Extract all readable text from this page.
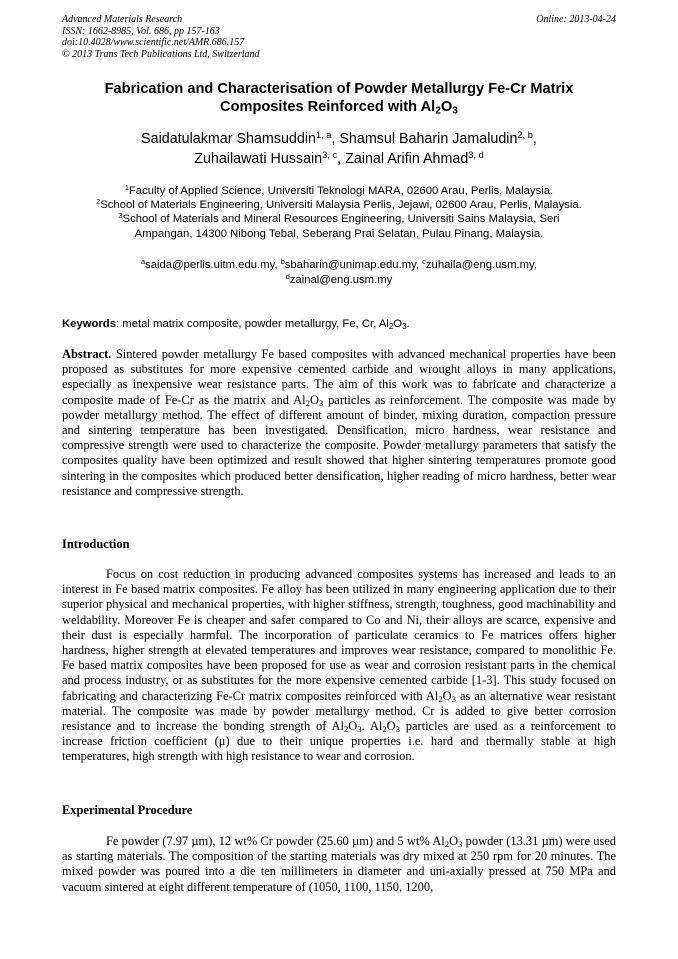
Advanced Materials Research
ISSN: 1662-8985, Vol. 686, pp 157-163
doi:10.4028/www.scientific.net/AMR.686.157
© 2013 Trans Tech Publications Ltd, Switzerland
Online: 2013-04-24
Fabrication and Characterisation of Powder Metallurgy Fe-Cr Matrix
Composites Reinforced with $Al_2O_3$
Saidatulakmar Shamsuddin$^{1, a}$, Shamsul Baharin Jamaludin$^{2, b}$,
Zuhailawati Hussain$^{3, c}$, Zainal Arifin Ahmad$^{3, d}$
$^1$Faculty of Applied Science, Universiti Teknologi MARA, 02600 Arau, Perlis, Malaysia.
$^2$School of Materials Engineering, Universiti Malaysia Perlis, Jejawi, 02600 Arau, Perlis, Malaysia.
$^3$School of Materials and Mineral Resources Engineering, Universiti Sains Malaysia, Seri
Ampangan, 14300 Nibong Tebal, Seberang Prai Selatan, Pulau Pinang, Malaysia.
$^a$saida@perlis.uitm.edu.my, $^b$sbaharin@unimap.edu.my, $^c$zuhaila@eng.usm.my,
$^d$zainal@eng.usm.my
Keywords: metal matrix composite, powder metallurgy, Fe, Cr, $Al_2O_3$.
Abstract. Sintered powder metallurgy Fe based composites with advanced mechanical properties have been proposed as substitutes for more expensive cemented carbide and wrought alloys in many applications, especially as inexpensive wear resistance parts. The aim of this work was to fabricate and characterize a composite made of Fe-Cr as the matrix and $Al_2O_3$ particles as reinforcement. The composite was made by powder metallurgy method. The effect of different amount of binder, mixing duration, compaction pressure and sintering temperature has been investigated. Densification, micro hardness, wear resistance and compressive strength were used to characterize the composite. Powder metallurgy parameters that satisfy the composites quality have been optimized and result showed that higher sintering temperatures promote good sintering in the composites which produced better densification, higher reading of micro hardness, better wear resistance and compressive strength.
Introduction
Focus on cost reduction in producing advanced composites systems has increased and leads to an interest in Fe based matrix composites. Fe alloy has been utilized in many engineering application due to their superior physical and mechanical properties, with higher stiffness, strength, toughness, good machinability and weldability. Moreover Fe is cheaper and safer compared to Co and Ni, their alloys are scarce, expensive and their dust is especially harmful. The incorporation of particulate ceramics to Fe matrices offers higher hardness, higher strength at elevated temperatures and improves wear resistance, compared to monolithic Fe. Fe based matrix composites have been proposed for use as wear and corrosion resistant parts in the chemical and process industry, or as substitutes for the more expensive cemented carbide [1-3]. This study focused on fabricating and characterizing Fe-Cr matrix composites reinforced with $Al_2O_3$ as an alternative wear resistant material. The composite was made by powder metallurgy method. Cr is added to give better corrosion resistance and to increase the bonding strength of $Al_2O_3$. $Al_2O_3$ particles are used as a reinforcement to increase friction coefficient (μ) due to their unique properties i.e. hard and thermally stable at high temperatures, high strength with high resistance to wear and corrosion.
Experimental Procedure
Fe powder (7.97 µm), 12 wt% Cr powder (25.60 µm) and 5 wt% $Al_2O_3$ powder (13.31 µm) were used as starting materials. The composition of the starting materials was dry mixed at 250 rpm for 20 minutes. The mixed powder was poured into a die ten millimeters in diameter and uni-axially pressed at 750 MPa and vacuum sintered at eight different temperature of (1050, 1100, 1150, 1200,
